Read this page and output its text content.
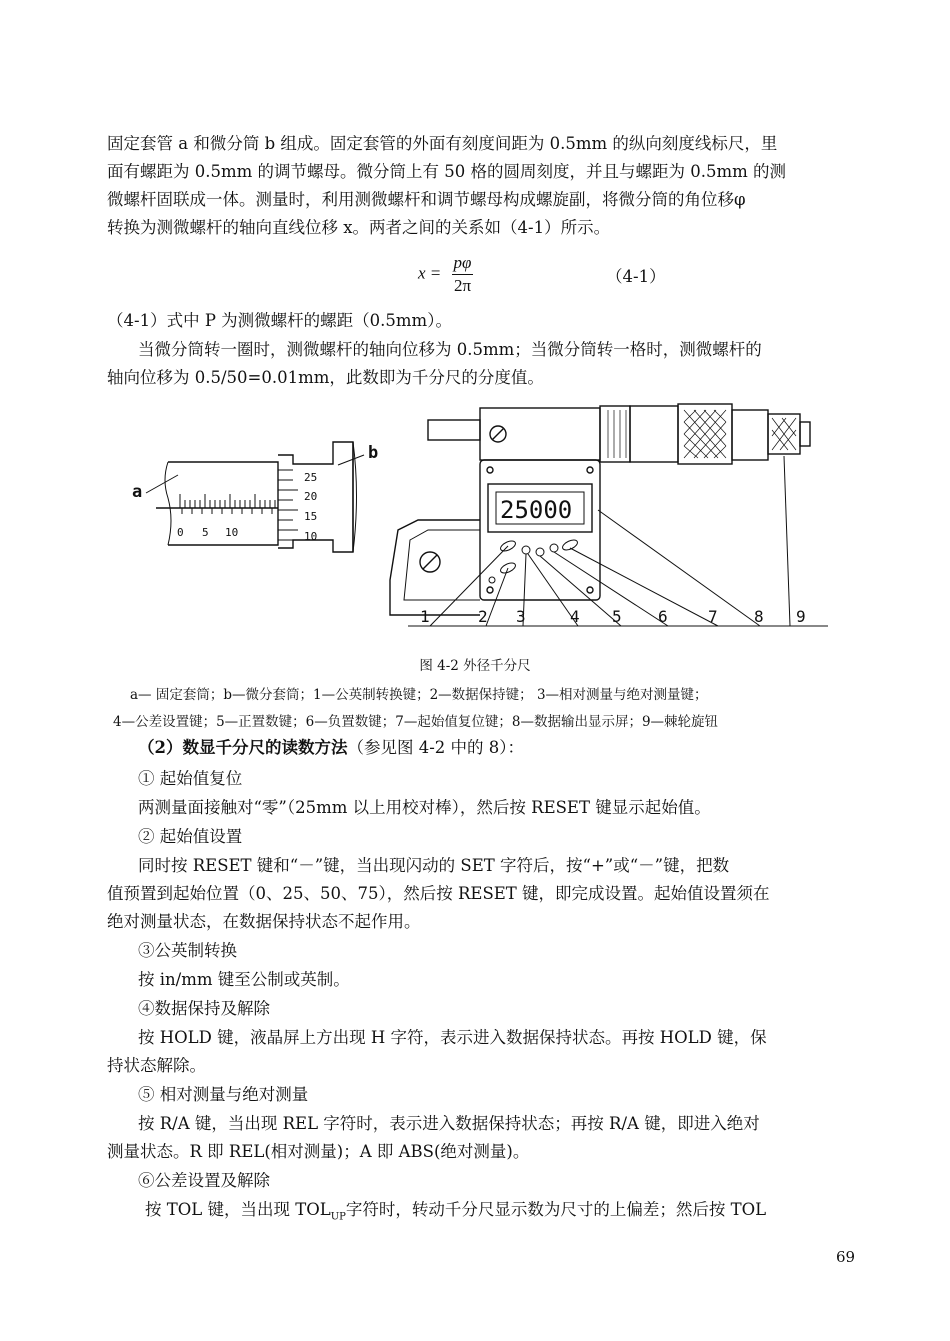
固定套管 a 和微分筒 b 组成。固定套管的外面有刻度间距为 0.5mm 的纵向刻度线标尺，里
面有螺距为 0.5mm 的调节螺母。微分筒上有 50 格的圆周刻度，并且与螺距为 0.5mm 的测
微螺杆固联成一体。测量时，利用测微螺杆和调节螺母构成螺旋副，将微分筒的角位移φ
转换为测微螺杆的轴向直线位移 x。两者之间的关系如（4-1）所示。
$x = \frac{p\varphi}{2\pi}$	（4-1）
（4-1）式中 P 为测微螺杆的螺距（0.5mm）。
当微分筒转一圈时，测微螺杆的轴向位移为 0.5mm；当微分筒转一格时，测微螺杆的
轴向位移为 0.5/50=0.01mm，此数即为千分尺的分度值。
a
b
0 5 10
25
20
15
10
25000
1	2 3	4 5 6	7 8 9
图 4-2 外径千分尺
a— 固定套筒；b—微分套筒；1—公英制转换键；2—数据保持键； 3—相对测量与绝对测量键；
4—公差设置键；5—正置数键；6—负置数键；7—起始值复位键；8—数据输出显示屏；9—棘轮旋钮
（2）数显千分尺的读数方法（参见图 4-2 中的 8）：
① 起始值复位
两测量面接触对“零”（25mm 以上用校对棒），然后按 RESET 键显示起始值。
② 起始值设置
同时按 RESET 键和“－”键，当出现闪动的 SET 字符后，按“+”或“－”键，把数
值预置到起始位置（0、25、50、75），然后按 RESET 键，即完成设置。起始值设置须在
绝对测量状态，在数据保持状态不起作用。
③公英制转换
按 in/mm 键至公制或英制。
④数据保持及解除
按 HOLD 键，液晶屏上方出现 H 字符，表示进入数据保持状态。再按 HOLD 键，保
持状态解除。
⑤ 相对测量与绝对测量
按 R/A 键，当出现 REL 字符时，表示进入数据保持状态；再按 R/A 键，即进入绝对
测量状态。R 即 REL(相对测量)；A 即 ABS(绝对测量)。
⑥公差设置及解除
按 TOL 键，当出现 $TOL_{UP}$字符时，转动千分尺显示数为尺寸的上偏差；然后按 TOL
69
